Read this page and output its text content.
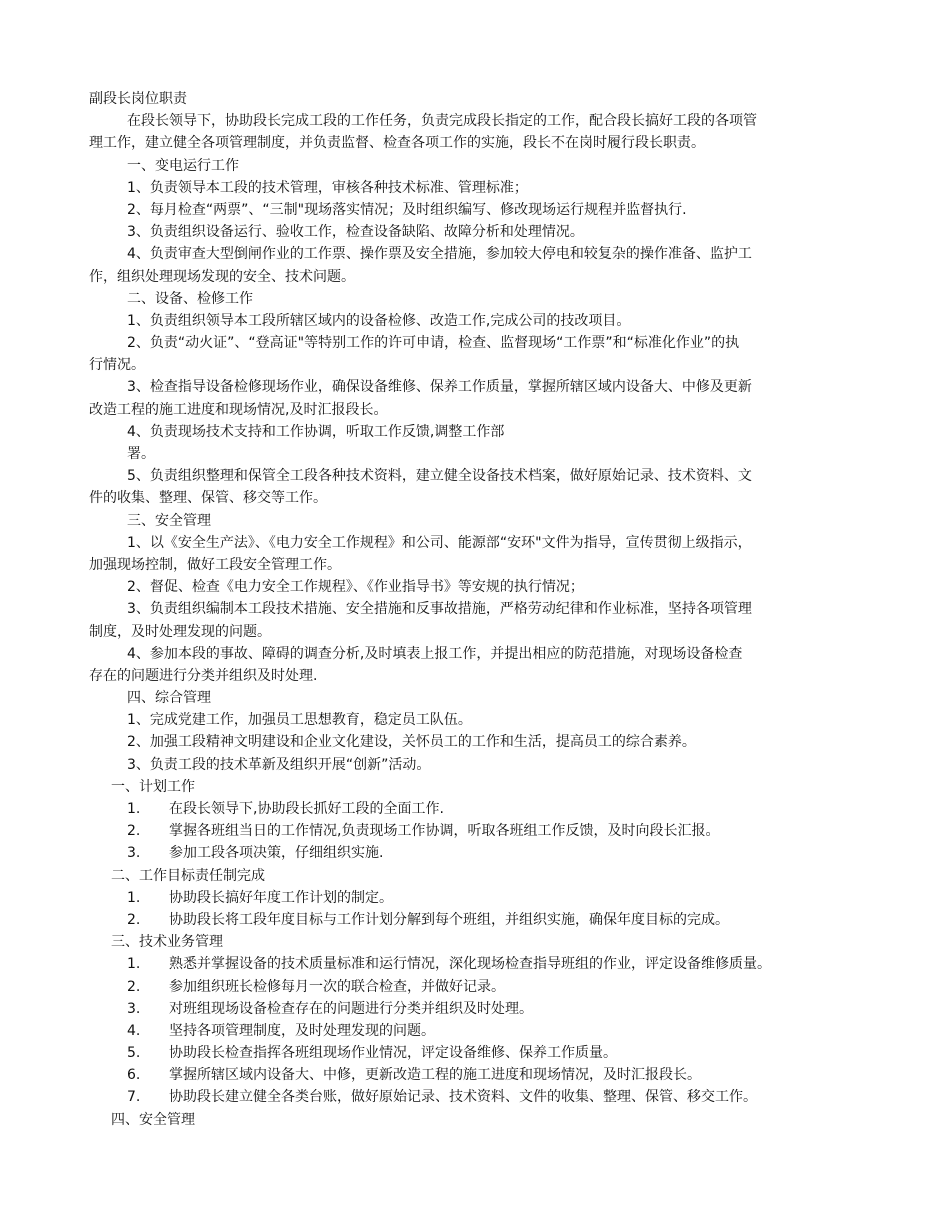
副段长岗位职责
在段长领导下，协助段长完成工段的工作任务，负责完成段长指定的工作，配合段长搞好工段的各项管
理工作，建立健全各项管理制度，并负责监督、检查各项工作的实施，段长不在岗时履行段长职责。
一、变电运行工作
1、负责领导本工段的技术管理，审核各种技术标准、管理标准；
2、每月检查“两票”、“三制"现场落实情况；及时组织编写、修改现场运行规程并监督执行.
3、负责组织设备运行、验收工作，检查设备缺陷、故障分析和处理情况。
4、负责审查大型倒闸作业的工作票、操作票及安全措施，参加较大停电和较复杂的操作准备、监护工
作，组织处理现场发现的安全、技术问题。
二、设备、检修工作
1、负责组织领导本工段所辖区域内的设备检修、改造工作,完成公司的技改项目。
2、负责“动火证”、“登高证"等特别工作的许可申请，检查、监督现场“工作票”和“标准化作业”的执
行情况。
3、检查指导设备检修现场作业，确保设备维修、保养工作质量，掌握所辖区域内设备大、中修及更新
改造工程的施工进度和现场情况,及时汇报段长。
4、负责现场技术支持和工作协调，听取工作反馈,调整工作部
署。
5、负责组织整理和保管全工段各种技术资料，建立健全设备技术档案，做好原始记录、技术资料、文
件的收集、整理、保管、移交等工作。
三、安全管理
1、以《安全生产法》、《电力安全工作规程》和公司、能源部“安环"文件为指导，宣传贯彻上级指示，
加强现场控制，做好工段安全管理工作。
2、督促、检查《电力安全工作规程》、《作业指导书》等安规的执行情况；
3、负责组织编制本工段技术措施、安全措施和反事故措施，严格劳动纪律和作业标准，坚持各项管理
制度，及时处理发现的问题。
4、参加本段的事故、障碍的调查分析,及时填表上报工作，并提出相应的防范措施，对现场设备检查
存在的问题进行分类并组织及时处理.
四、综合管理
1、完成党建工作，加强员工思想教育，稳定员工队伍。
2、加强工段精神文明建设和企业文化建设，关怀员工的工作和生活，提高员工的综合素养。
3、负责工段的技术革新及组织开展“创新”活动。
一、计划工作
1. 在段长领导下,协助段长抓好工段的全面工作.
2. 掌握各班组当日的工作情况,负责现场工作协调，听取各班组工作反馈，及时向段长汇报。
3. 参加工段各项决策，仔细组织实施.
二、工作目标责任制完成
1. 协助段长搞好年度工作计划的制定。
2. 协助段长将工段年度目标与工作计划分解到每个班组，并组织实施，确保年度目标的完成。
三、技术业务管理
1. 熟悉并掌握设备的技术质量标准和运行情况，深化现场检查指导班组的作业，评定设备维修质量。
2. 参加组织班长检修每月一次的联合检查，并做好记录。
3. 对班组现场设备检查存在的问题进行分类并组织及时处理。
4. 坚持各项管理制度，及时处理发现的问题。
5. 协助段长检查指挥各班组现场作业情况，评定设备维修、保养工作质量。
6. 掌握所辖区域内设备大、中修，更新改造工程的施工进度和现场情况，及时汇报段长。
7. 协助段长建立健全各类台账，做好原始记录、技术资料、文件的收集、整理、保管、移交工作。
四、安全管理
